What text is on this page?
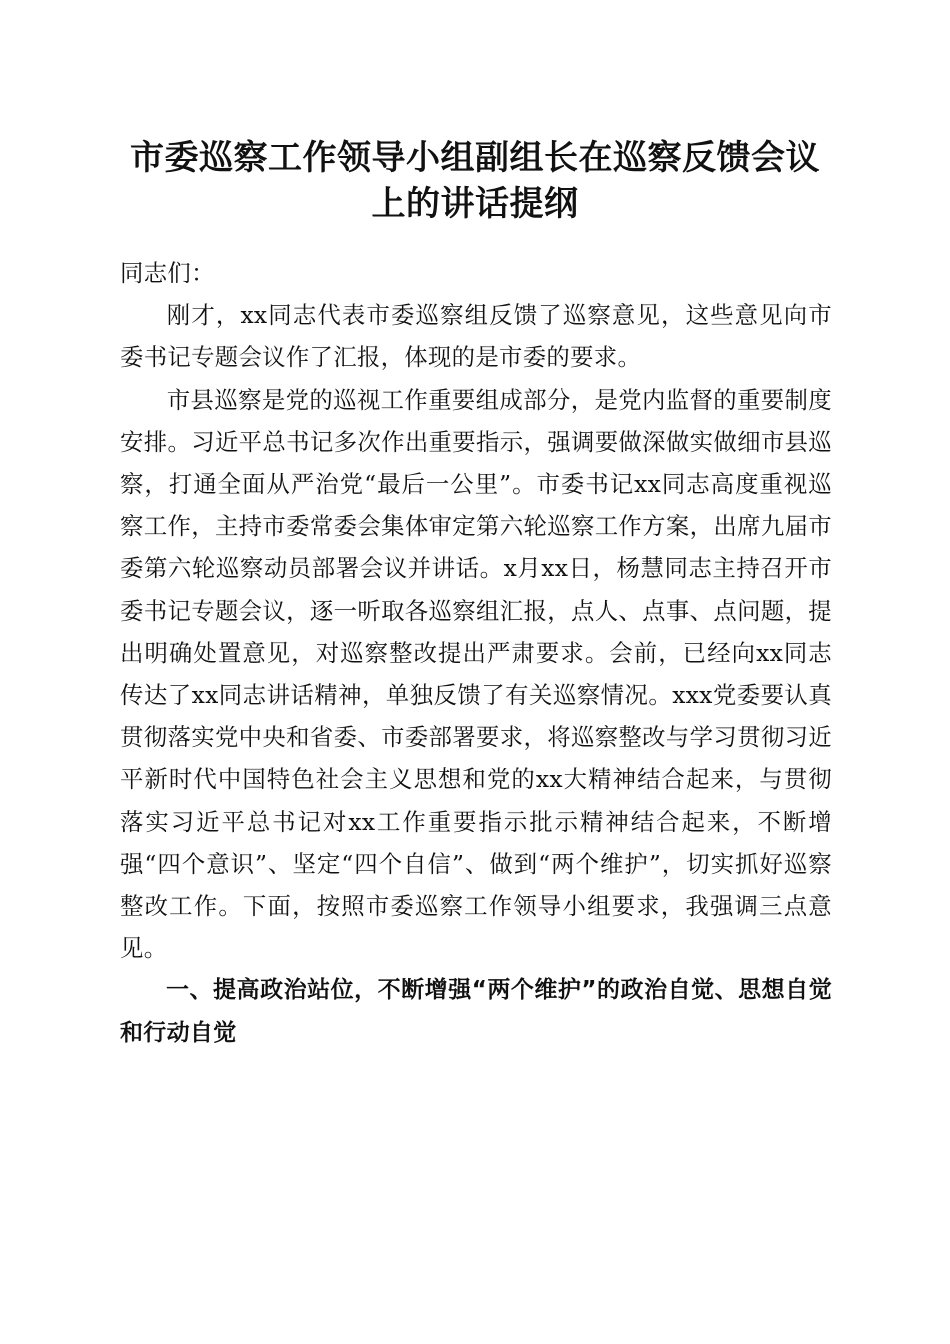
市委巡察工作领导小组副组长在巡察反馈会议
上的讲话提纲

同志们：

刚才，xx同志代表市委巡察组反馈了巡察意见，这些意见向市委书记专题会议作了汇报，体现的是市委的要求。

市县巡察是党的巡视工作重要组成部分，是党内监督的重要制度安排。习近平总书记多次作出重要指示，强调要做深做实做细市县巡察，打通全面从严治党“最后一公里”。市委书记xx同志高度重视巡察工作，主持市委常委会集体审定第六轮巡察工作方案，出席九届市委第六轮巡察动员部署会议并讲话。x月xx日，杨慧同志主持召开市委书记专题会议，逐一听取各巡察组汇报，点人、点事、点问题，提出明确处置意见，对巡察整改提出严肃要求。会前，已经向xx同志传达了xx同志讲话精神，单独反馈了有关巡察情况。xxx党委要认真贯彻落实党中央和省委、市委部署要求，将巡察整改与学习贯彻习近平新时代中国特色社会主义思想和党的xx大精神结合起来，与贯彻落实习近平总书记对xx工作重要指示批示精神结合起来，不断增强“四个意识”、坚定“四个自信”、做到“两个维护”，切实抓好巡察整改工作。下面，按照市委巡察工作领导小组要求，我强调三点意见。

一、提高政治站位，不断增强“两个维护”的政治自觉、思想自觉和行动自觉
